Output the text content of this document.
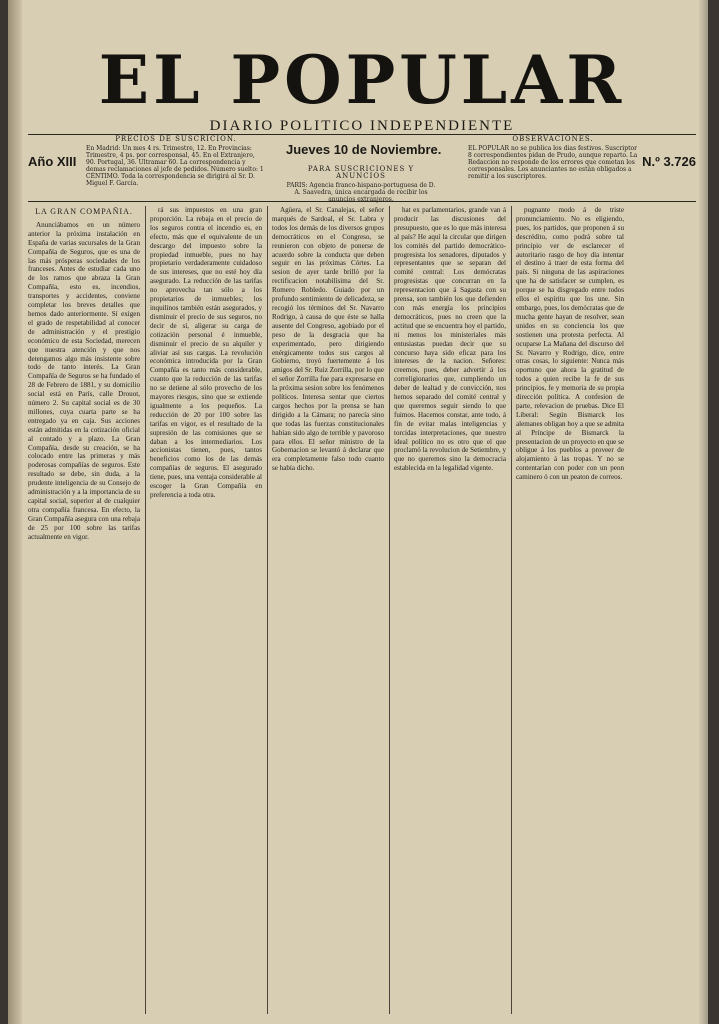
EL POPULAR
DIARIO POLITICO INDEPENDIENTE
Año XIII
PRECIOS DE SUSCRICION.
En Madrid: Un mes 4 rs. Trimestre, 12. En Provincias: Trimestre, 4 ps. por corresponsal, 45. En el Extranjero, 90. Portugal, 36. Ultramar 60. La correspondencia y demas reclamaciones al jefe de pedidos. Número suelto: 1 CÉNTIMO. Toda la correspondencia se dirigirá al Sr. D. Miguel F. García.
Jueves 10 de Noviembre.
PARA SUSCRICIONES Y ANUNCIOS
PARIS: Agencia franco-hispano-portuguesa de D. A. Saavedra, única encargada de recibir los anuncios extranjeros.
OBSERVACIONES.
EL POPULAR no se publica los dias festivos. Suscriptor 8 correspondientes pidan de Prudo, aunque reparto. La Redaccion no responde de los errores que cometan los corresponsales. Los anunciantes no están obligados a remitir a los suscriptores.
N.º 3.726
LA GRAN COMPAÑIA.

Anunciábamos en un número anterior la próxima instalación en España de varias sucursales de la Gran Compañía de Seguros, que es una de las más prósperas sociedades de los franceses. Antes de estudiar cada uno de los ramos que abraza la Gran Compañía, esto es, incendios, transportes y accidentes, conviene completar los breves detalles que hemos dado anteriormente. Sí exigen el grado de respetabilidad al conocer de administración y el prestigio económico de esta Sociedad, merecen que nuestra atención y que nos detengamos algo más insistente sobre todo de tanto interés. La Gran Compañía de Seguros se ha fundado el 28 de Febrero de 1881, y su domicilio social está en París, calle Drouot, número 2. Su capital social es de 30 millones, cuya cuarta parte se ha entregado ya en caja. Sus acciones están admitidas en la cotización oficial al contado y a plazo. La Gran Compañía, desde su creación, se ha colocado entre las primeras y más poderosas compañías de seguros. Este resultado se debe, sin duda, a la prudente inteligencia de su Consejo de administración y a la importancia de su capital social, superior al de cualquier otra compañía francesa. En efecto, la Gran Compañía asegura con una rebaja de 25 por 100 sobre las tarifas actualmente en vigor.

rá sus impuestos en una gran proporción. La rebaja en el precio de los seguros contra el incendio es, en efecto, más que el equivalente de un descargo del impuesto sobre la propiedad inmueble, pues no hay propietario verdaderamente cuidadoso de sus intereses, que no esté hoy día asegurado. La reducción de las tarifas no aprovecha tan sólo a los propietarios de inmuebles; los inquilinos también están asegurados, y disminuir el precio de sus seguros, no decir de sí, aligerar su carga de cotización personal é inmueble, disminuir el precio de su alquiler y aliviar así sus cargas. La revolución económica introducida por la Gran Compañía es tanto más considerable, cuanto que la reducción de las tarifas no se detiene al sólo provecho de los mayores riesgos, sino que se extiende igualmente a los pequeños. La reducción de 20 por 100 sobre las tarifas en vigor, es el resultado de la supresión de las comisiones que se daban a los intermediarios. Los accionistas tienen, pues, tantos beneficios como los de las demás compañías de seguros. El asegurado tiene, pues, una ventaja considerable al escoger la Gran Compañía en preferencia a toda otra.

Agüera, el Sr. Canalejas, el señor marqués de Sardoal, el Sr. Labra y todos los demás de los diversos grupos democráticos en el Congreso, se reunieron con objeto de ponerse de acuerdo sobre la conducta que deben seguir en las próximas Córtes. La sesion de ayer tarde brilló por la rectificacion notabilísima del Sr. Romero Robledo. Guiado por un profundo sentimiento de delicadeza, se recogió los términos del Sr. Navarro Rodrigo, á causa de que éste se halla ausente del Congreso, agobiado por el peso de la desgracia que ha experimentado, pero dirigiendo enérgicamente todos sus cargos al Gobierno, troyó fuertemente á los amigos del Sr. Ruiz Zorrilla, por lo que el señor Zorrilla fue para expresarse en la próxima sesion sobre los fenómenos políticos. Interesa sentar que ciertos cargos hechos por la prensa se han dirigido a la Cámara; no parecía sino que todas las fuerzas constitucionales habían sido algo de terrible y pavoroso para ellos. El señor ministro de la Gobernacion se levantó á declarar que era completamente falso todo cuanto se había dicho.

hat ex parlamentarios, grande van á producir las discusiones del presupuesto, que es lo que más interesa al país? He aquí la circular que dirigen los comités del partido democrático-progresista los senadores, diputados y representantes que se separan del comité central: Los demócratas progresistas que concurran en la representacion que á Sagasta con su prensa, son también los que defienden con más energía los principios democráticos, pues no creen que la actitud que se encuentra hoy el partido, ni menos los ministeriales más entusiastas puedan decir que su concurso haya sido eficaz para los intereses de la nacion. Señores: creemos, pues, deber advertir á los correligionarios que, cumpliendo un deber de lealtad y de convicción, nos hemos separado del comité central y que queremos seguir siendo lo que fuimos. Hacemos constar, ante todo, á fin de evitar malas inteligencias y torcidas interpretaciones, que nuestro ideal político no es otro que el que proclamó la revolucion de Setiembre, y que no queremos sino la democracia establecida en la legalidad vigente.

pugnante modo á de triste pronunciamiento. No es eligiendo, pues, los partidos, que proponen á su descrédito, como podrá sobre tal principio ver de esclarecer el autoritario rasgo de hoy día intentar el destino á traer de esta forma del país. Si ninguna de las aspiraciones que ha de satisfacer se cumplen, es porque se ha disgregado entre todos ellos el espíritu que los une. Sin embargo, pues, los demócratas que de mucha gente hayan de resolver, sean unidos en su conciencia los que sostienen una protesta perfecta. Al ocuparse La Mañana del discurso del Sr. Navarro y Rodrigo, dice, entre otras cosas, lo siguiente: Nunca más oportuno que ahora la gratitud de todos a quien recibe la fe de sus principios, fe y memoria de su propia dirección política. A confesion de parte, relevacion de pruebas. Dice El Liberal: Según Bismarck los alemanes obligan hoy a que se admita al Príncipe de Bismarck la presentacion de un proyecto en que se obligue á los pueblos a proveer de alojamiento á las tropas. Y no se contentarían con poder con un peon caminero ó con un peaton de correos.
